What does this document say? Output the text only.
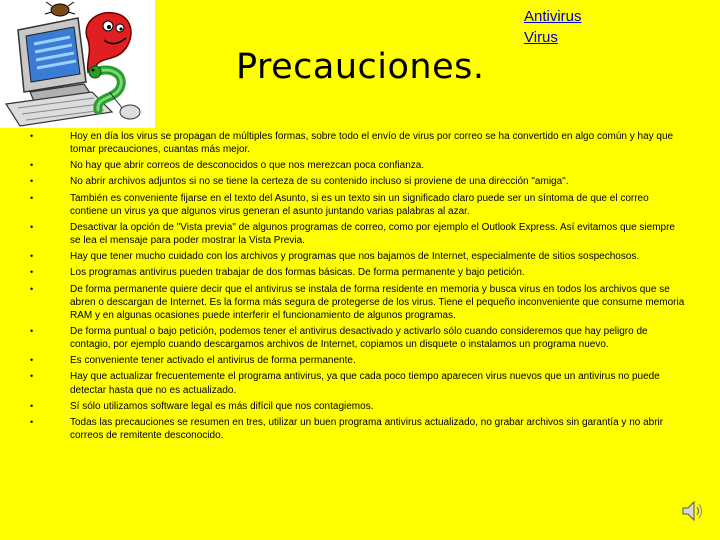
Precauciones.
Antivirus
Virus
•	Hoy en día los virus se propagan de múltiples formas, sobre todo el envío de virus por correo se ha convertido en algo común y hay que tomar precauciones, cuantas más mejor.
•	No hay que abrir correos de desconocidos o que nos merezcan poca confianza.
•	No abrir archivos adjuntos si no se tiene la certeza de su contenido incluso si proviene de una dirección "amiga".
•	También es conveniente fijarse en el texto del Asunto, si es un texto sin un significado claro puede ser un síntoma de que el correo contiene un virus ya que algunos virus generan el asunto juntando varias palabras al azar.
•	Desactivar la opción de "Vista previa" de algunos programas de correo, como por ejemplo el Outlook Express. Así evitamos que siempre se lea el mensaje para poder mostrar la Vista Previa.
•	Hay que tener mucho cuidado con los archivos y programas que nos bajamos de Internet, especialmente de sitios sospechosos.
•	Los programas antivirus pueden trabajar de dos formas básicas. De forma permanente y bajo petición.
•	De forma permanente quiere decir que el antivirus se instala de forma residente en memoria y busca virus en todos los archivos que se abren o descargan de Internet. Es la forma más segura de protegerse de los virus. Tiene el pequeño inconveniente que consume memoria RAM y en algunas ocasiones puede interferir el funcionamiento de algunos programas.
•	De forma puntual o bajo petición, podemos tener el antivirus desactivado y activarlo sólo cuando consideremos que hay peligro de contagio, por ejemplo cuando descargamos archivos de Internet, copiamos un disquete o instalamos un programa nuevo.
•	Es conveniente tener activado el antivirus de forma permanente.
•	Hay que actualizar frecuentemente el programa antivirus, ya que cada poco tiempo aparecen virus nuevos que un antivirus no puede detectar hasta que no es actualizado.
•	Sí sólo utilizamos software legal es más difícil que nos contagiemos.
•	Todas las precauciones se resumen en tres, utilizar un buen programa antivirus actualizado, no grabar archivos sin garantía y no abrir correos de remitente desconocido.
